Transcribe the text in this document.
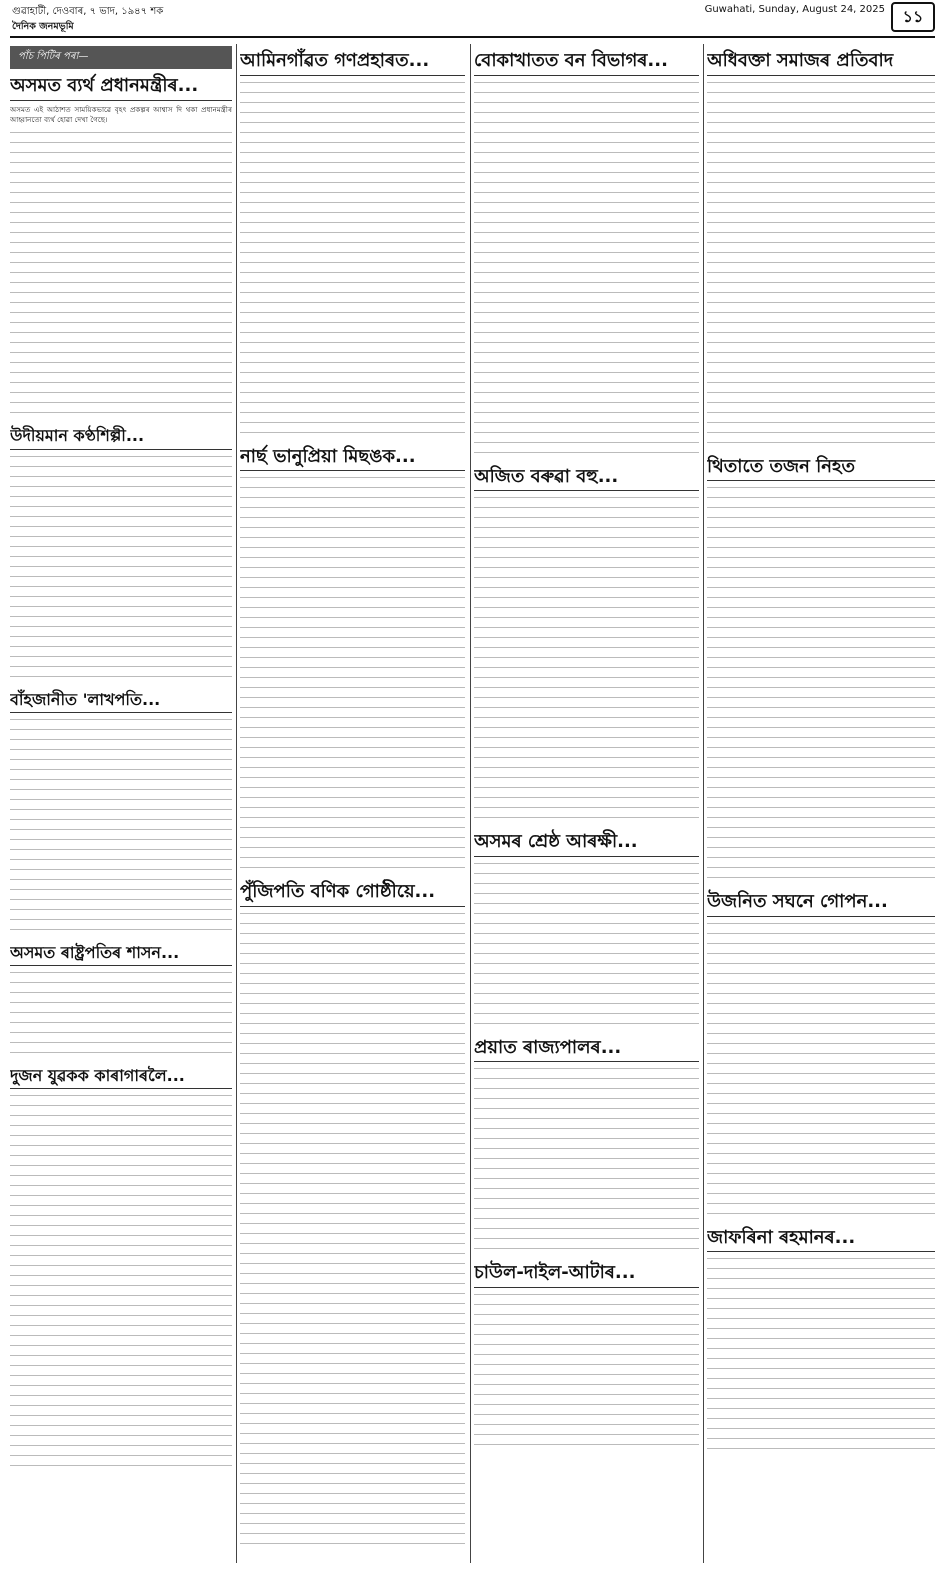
গুৱাহাটী, দেওবাৰ, ৭ ভাদ, ১৯৪৭ শক
দৈনিক জনমভূমি
Guwahati, Sunday, August 24, 2025	১১
পাঁচ পিটিৰ পৰা—
অসমত ব্যৰ্থ প্ৰধানমন্ত্ৰীৰ...
অসমত এই আঠাশত সাময়িকভাৱে বৃহৎ প্ৰকল্পৰ আশ্বাস দি থকা প্ৰধানমন্ত্ৰীৰ আহ্বানতো ব্যৰ্থ হোৱা দেখা গৈছে।
উদীয়মান কণ্ঠশিল্পী...
বাঁহজানীত 'লাখপতি...
অসমত ৰাষ্ট্ৰপতিৰ শাসন...
দুজন যুৱকক কাৰাগাৰলৈ...
আমিনগাঁৱত গণপ্ৰহাৰত...
নাৰ্ছ ভানুপ্ৰিয়া মিছঙক...
পুঁজিপতি বণিক গোষ্ঠীয়ে...
বোকাখাতত বন বিভাগৰ...
অজিত বৰুৱা বহু...
অসমৰ শ্ৰেষ্ঠ আৰক্ষী...
প্ৰয়াত ৰাজ্যপালৰ...
চাউল-দাইল-আটাৰ...
অধিবক্তা সমাজৰ প্ৰতিবাদ
থিতাতে তজন নিহত
উজনিত সঘনে গোপন...
জাফৰিনা ৰহমানৰ...
